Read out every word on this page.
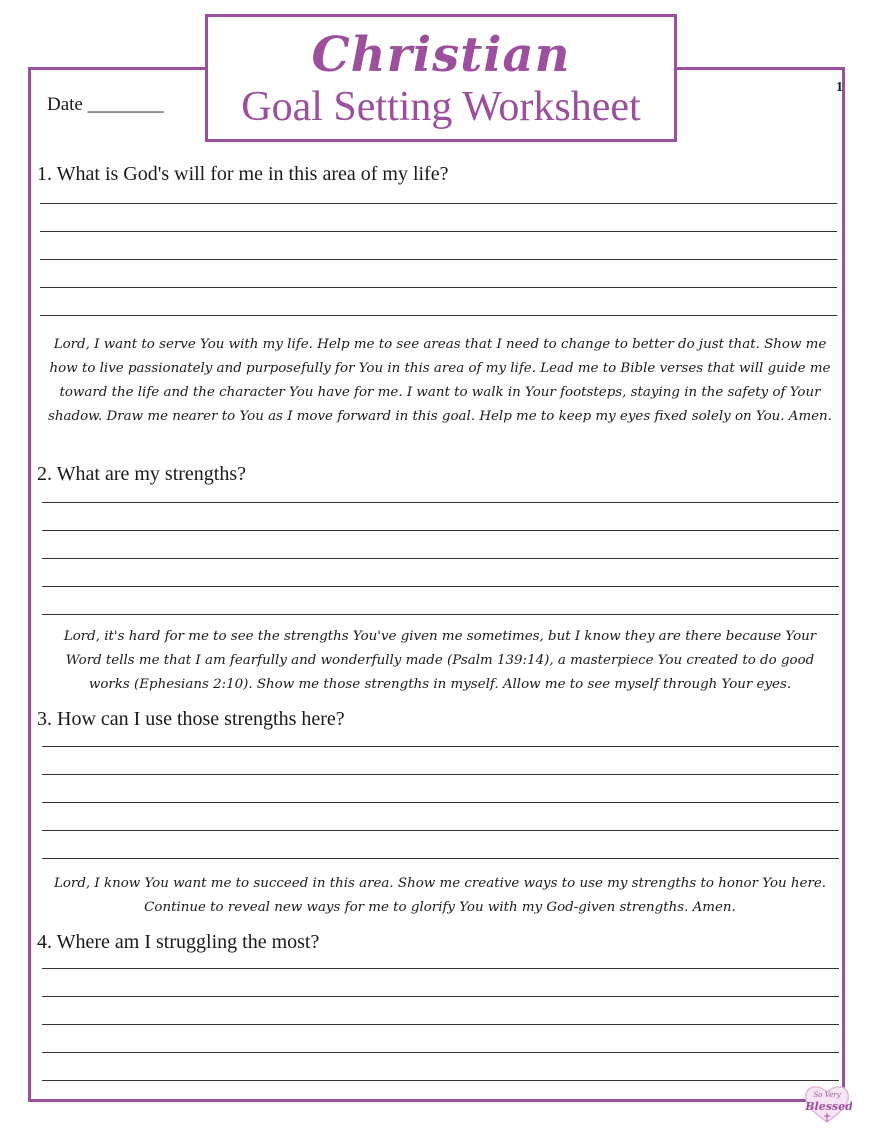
Christian
Goal Setting Worksheet
Date ________
1
1. What is God's will for me in this area of my life?
Lord, I want to serve You with my life. Help me to see areas that I need to change to better do just that. Show me how to live passionately and purposefully for You in this area of my life. Lead me to Bible verses that will guide me toward the life and the character You have for me. I want to walk in Your footsteps, staying in the safety of Your shadow. Draw me nearer to You as I move forward in this goal. Help me to keep my eyes fixed solely on You. Amen.
2. What are my strengths?
Lord, it's hard for me to see the strengths You've given me sometimes, but I know they are there because Your Word tells me that I am fearfully and wonderfully made (Psalm 139:14), a masterpiece You created to do good works (Ephesians 2:10). Show me those strengths in myself. Allow me to see myself through Your eyes.
3. How can I use those strengths here?
Lord, I know You want me to succeed in this area. Show me creative ways to use my strengths to honor You here. Continue to reveal new ways for me to glorify You with my God-given strengths. Amen.
4. Where am I struggling the most?
So Very
Blessed
